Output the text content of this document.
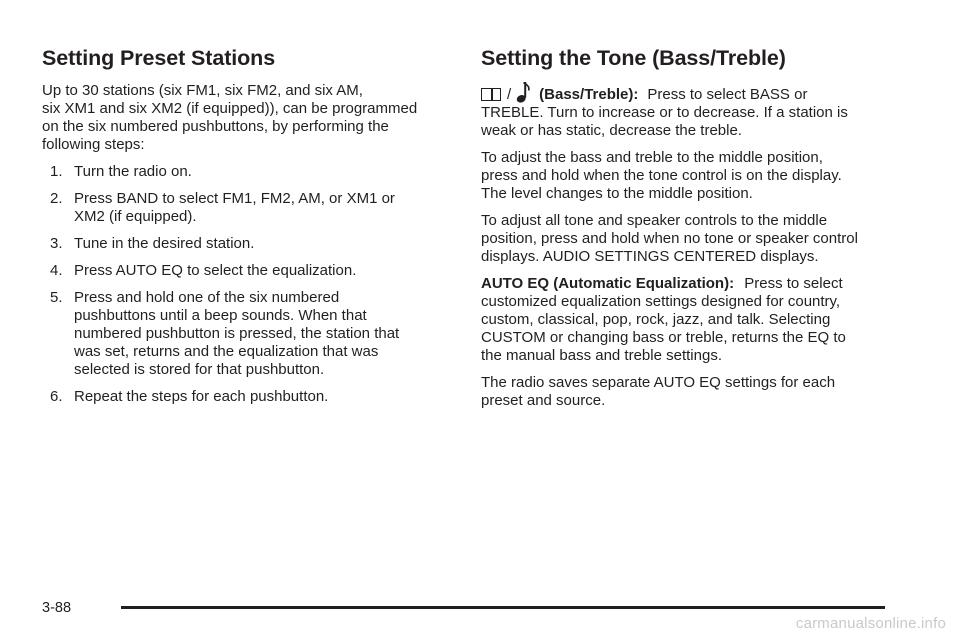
Setting Preset Stations

Up to 30 stations (six FM1, six FM2, and six AM,
six XM1 and six XM2 (if equipped)), can be programmed
on the six numbered pushbuttons, by performing the
following steps:

1. Turn the radio on.
2. Press BAND to select FM1, FM2, AM, or XM1 or
XM2 (if equipped).
3. Tune in the desired station.
4. Press AUTO EQ to select the equalization.
5. Press and hold one of the six numbered
pushbuttons until a beep sounds. When that
numbered pushbutton is pressed, the station that
was set, returns and the equalization that was
selected is stored for that pushbutton.
6. Repeat the steps for each pushbutton.
Setting the Tone (Bass/Treble)
/ (Bass/Treble): Press to select BASS or

TREBLE. Turn to increase or to decrease. If a station is
weak or has static, decrease the treble.

To adjust the bass and treble to the middle position,
press and hold when the tone control is on the display.
The level changes to the middle position.

To adjust all tone and speaker controls to the middle
position, press and hold when no tone or speaker control
displays. AUDIO SETTINGS CENTERED displays.

AUTO EQ (Automatic Equalization): Press to select
customized equalization settings designed for country,
custom, classical, pop, rock, jazz, and talk. Selecting
CUSTOM or changing bass or treble, returns the EQ to
the manual bass and treble settings.

The radio saves separate AUTO EQ settings for each
preset and source.

3-88
carmanualsonline.info
